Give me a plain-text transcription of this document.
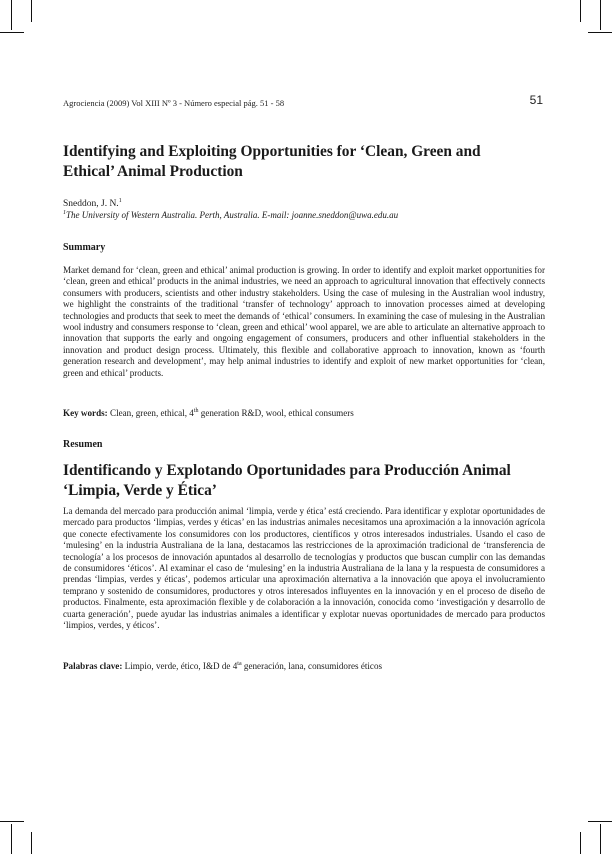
Agrociencia (2009) Vol XIII Nº 3 - Número especial pág. 51 - 58	51
Identifying and Exploiting Opportunities for ‘Clean, Green and
Ethical’ Animal Production
Sneddon, J. N.$^1$
$^1$The University of Western Australia. Perth, Australia. E-mail: joanne.sneddon@uwa.edu.au
Summary

Market demand for ‘clean, green and ethical’ animal production is growing. In order to identify and exploit market opportunities for ‘clean, green and ethical’ products in the animal industries, we need an approach to agricultural innovation that effectively connects consumers with producers, scientists and other industry stakeholders. Using the case of mulesing in the Australian wool industry, we highlight the constraints of the traditional ‘transfer of technology’ approach to innovation processes aimed at developing technologies and products that seek to meet the demands of ‘ethical’ consumers. In examining the case of mulesing in the Australian wool industry and consumers response to ‘clean, green and ethical’ wool apparel, we are able to articulate an alternative approach to innovation that supports the early and ongoing engagement of consumers, producers and other influential stakeholders in the innovation and product design process. Ultimately, this flexible and collaborative approach to innovation, known as ‘fourth generation research and development’, may help animal industries to identify and exploit of new market opportunities for ‘clean, green and ethical’ products.

Key words: Clean, green, ethical, 4th generation R&D, wool, ethical consumers
Resumen
Identificando y Explotando Oportunidades para Producción Animal
‘Limpia, Verde y Ética’

La demanda del mercado para producción animal ‘limpia, verde y ética’ está creciendo. Para identificar y explotar oportunidades de mercado para productos ‘limpias, verdes y éticas’ en las industrias animales necesitamos una aproximación a la innovación agrícola que conecte efectivamente los consumidores con los productores, científicos y otros interesados industriales. Usando el caso de ‘mulesing’ en la industria Australiana de la lana, destacamos las restricciones de la aproximación tradicional de ‘transferencia de tecnología’ a los procesos de innovación apuntados al desarrollo de tecnologías y productos que buscan cumplir con las demandas de consumidores ‘éticos’. Al examinar el caso de ‘mulesing’ en la industria Australiana de la lana y la respuesta de consumidores a prendas ‘limpias, verdes y éticas’, podemos articular una aproximación alternativa a la innovación que apoya el involucramiento temprano y sostenido de consumidores, productores y otros interesados influyentes en la innovación y en el proceso de diseño de productos. Finalmente, esta aproximación flexible y de colaboración a la innovación, conocida como ‘investigación y desarrollo de cuarta generación’, puede ayudar las industrias animales a identificar y explotar nuevas oportunidades de mercado para productos ‘limpios, verdes, y éticos’.

Palabras clave: Limpio, verde, ético, I&D de $4^{ta}$ generación, lana, consumidores éticos
